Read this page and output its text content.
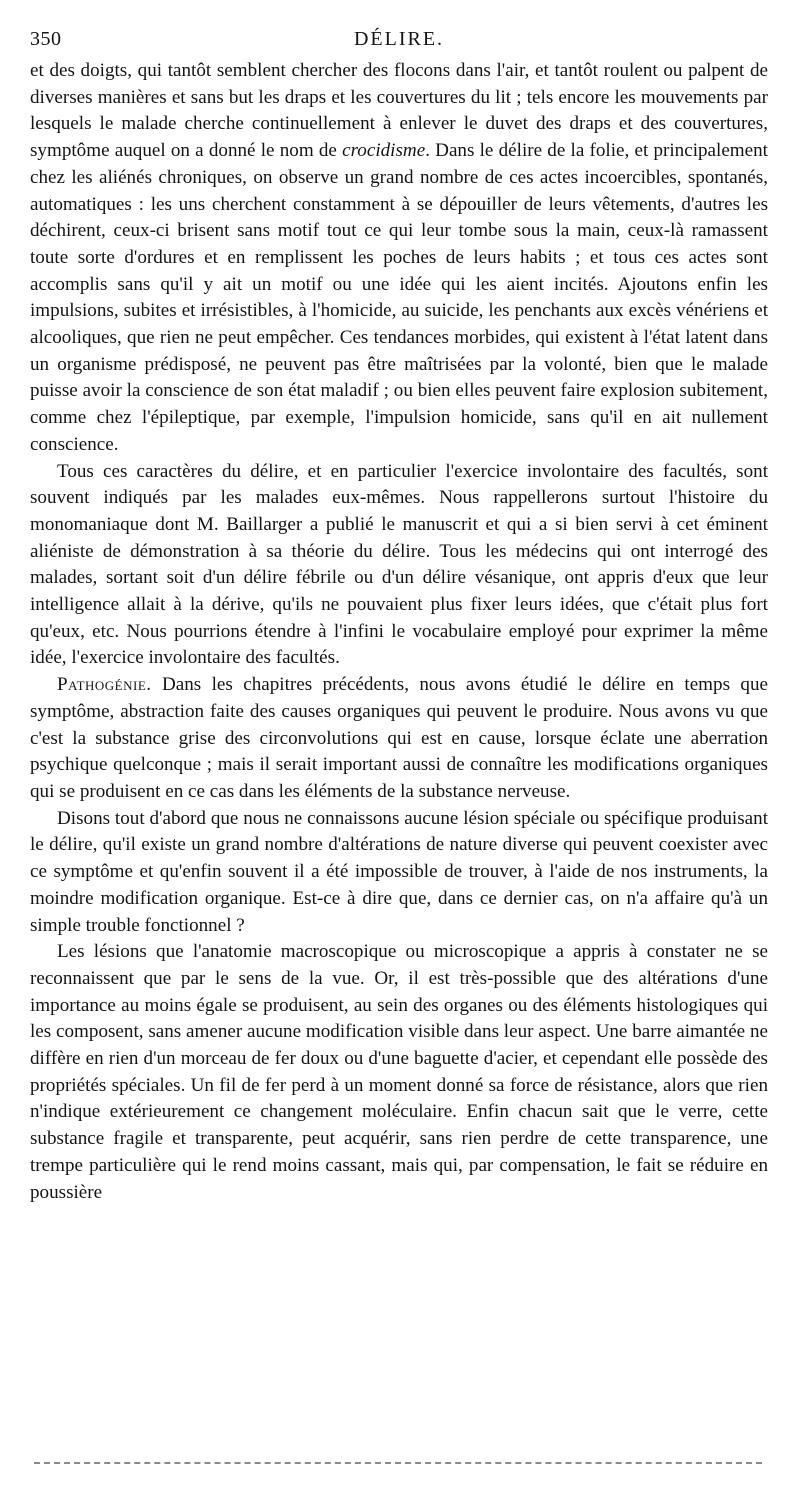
350	DÉLIRE.

et des doigts, qui tantôt semblent chercher des flocons dans l'air, et tantôt roulent ou palpent de diverses manières et sans but les draps et les couvertures du lit ; tels encore les mouvements par lesquels le malade cherche continuellement à enlever le duvet des draps et des couvertures, symptôme auquel on a donné le nom de crocidisme. Dans le délire de la folie, et principalement chez les aliénés chroniques, on observe un grand nombre de ces actes incoercibles, spontanés, automatiques : les uns cherchent constamment à se dépouiller de leurs vêtements, d'autres les déchirent, ceux-ci brisent sans motif tout ce qui leur tombe sous la main, ceux-là ramassent toute sorte d'ordures et en remplissent les poches de leurs habits ; et tous ces actes sont accomplis sans qu'il y ait un motif ou une idée qui les aient incités. Ajoutons enfin les impulsions, subites et irrésistibles, à l'homicide, au suicide, les penchants aux excès vénériens et alcooliques, que rien ne peut empêcher. Ces tendances morbides, qui existent à l'état latent dans un organisme prédisposé, ne peuvent pas être maîtrisées par la volonté, bien que le malade puisse avoir la conscience de son état maladif ; ou bien elles peuvent faire explosion subitement, comme chez l'épileptique, par exemple, l'impulsion homicide, sans qu'il en ait nullement conscience.

Tous ces caractères du délire, et en particulier l'exercice involontaire des facultés, sont souvent indiqués par les malades eux-mêmes. Nous rappellerons surtout l'histoire du monomaniaque dont M. Baillarger a publié le manuscrit et qui a si bien servi à cet éminent aliéniste de démonstration à sa théorie du délire. Tous les médecins qui ont interrogé des malades, sortant soit d'un délire fébrile ou d'un délire vésanique, ont appris d'eux que leur intelligence allait à la dérive, qu'ils ne pouvaient plus fixer leurs idées, que c'était plus fort qu'eux, etc. Nous pourrions étendre à l'infini le vocabulaire employé pour exprimer la même idée, l'exercice involontaire des facultés.

Pathogénie. Dans les chapitres précédents, nous avons étudié le délire en temps que symptôme, abstraction faite des causes organiques qui peuvent le produire. Nous avons vu que c'est la substance grise des circonvolutions qui est en cause, lorsque éclate une aberration psychique quelconque ; mais il serait important aussi de connaître les modifications organiques qui se produisent en ce cas dans les éléments de la substance nerveuse.

Disons tout d'abord que nous ne connaissons aucune lésion spéciale ou spécifique produisant le délire, qu'il existe un grand nombre d'altérations de nature diverse qui peuvent coexister avec ce symptôme et qu'enfin souvent il a été impossible de trouver, à l'aide de nos instruments, la moindre modification organique. Est-ce à dire que, dans ce dernier cas, on n'a affaire qu'à un simple trouble fonctionnel ?

Les lésions que l'anatomie macroscopique ou microscopique a appris à constater ne se reconnaissent que par le sens de la vue. Or, il est très-possible que des altérations d'une importance au moins égale se produisent, au sein des organes ou des éléments histologiques qui les composent, sans amener aucune modification visible dans leur aspect. Une barre aimantée ne diffère en rien d'un morceau de fer doux ou d'une baguette d'acier, et cependant elle possède des propriétés spéciales. Un fil de fer perd à un moment donné sa force de résistance, alors que rien n'indique extérieurement ce changement moléculaire. Enfin chacun sait que le verre, cette substance fragile et transparente, peut acquérir, sans rien perdre de cette transparence, une trempe particulière qui le rend moins cassant, mais qui, par compensation, le fait se réduire en poussière
